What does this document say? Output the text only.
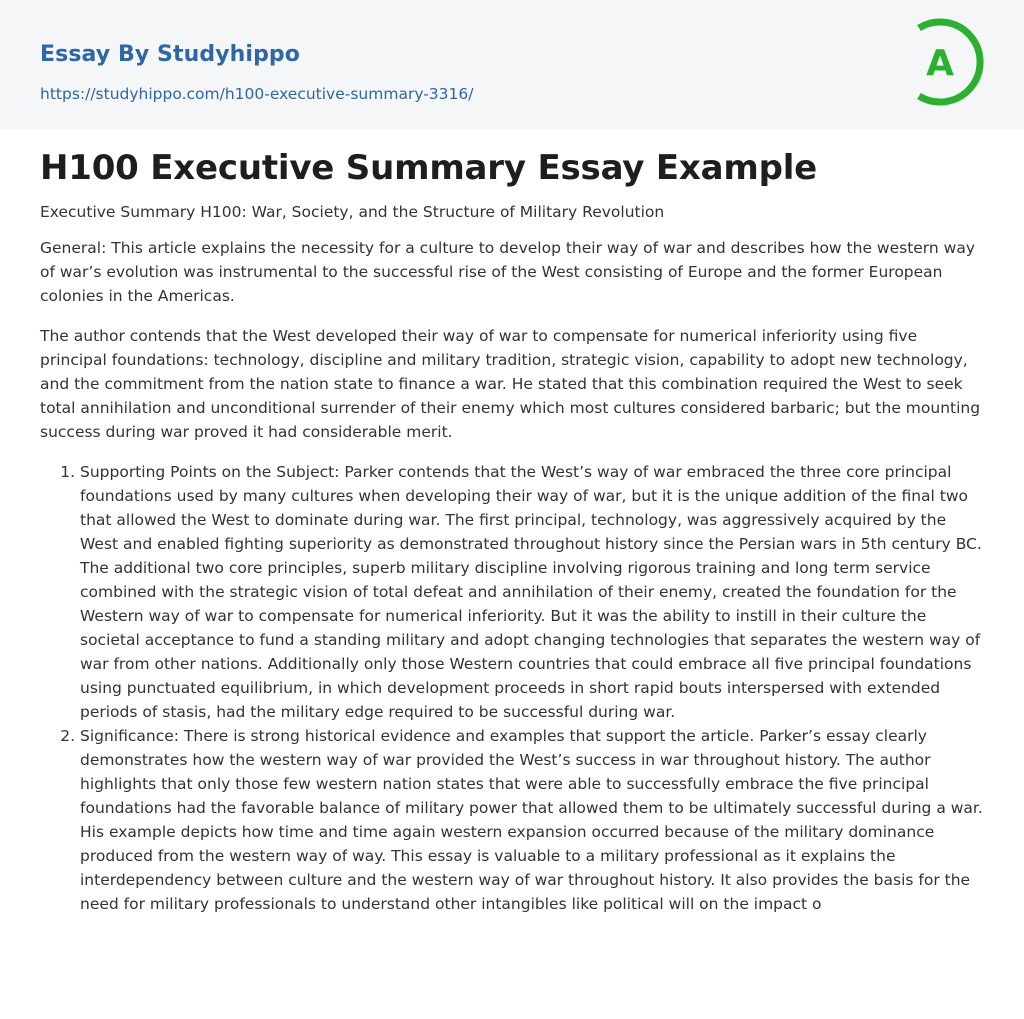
Essay By Studyhippo
https://studyhippo.com/h100-executive-summary-3316/
A
H100 Executive Summary Essay Example
Executive Summary H100: War, Society, and the Structure of Military Revolution

General: This article explains the necessity for a culture to develop their way of war and describes how the western way of war’s evolution was instrumental to the successful rise of the West consisting of Europe and the former European colonies in the Americas.

The author contends that the West developed their way of war to compensate for numerical inferiority using five principal foundations: technology, discipline and military tradition, strategic vision, capability to adopt new technology, and the commitment from the nation state to finance a war. He stated that this combination required the West to seek total annihilation and unconditional surrender of their enemy which most cultures considered barbaric; but the mounting success during war proved it had considerable merit.

1. Supporting Points on the Subject: Parker contends that the West’s way of war embraced the three core principal foundations used by many cultures when developing their way of war, but it is the unique addition of the final two that allowed the West to dominate during war. The first principal, technology, was aggressively acquired by the West and enabled fighting superiority as demonstrated throughout history since the Persian wars in 5th century BC. The additional two core principles, superb military discipline involving rigorous training and long term service combined with the strategic vision of total defeat and annihilation of their enemy, created the foundation for the Western way of war to compensate for numerical inferiority. But it was the ability to instill in their culture the societal acceptance to fund a standing military and adopt changing technologies that separates the western way of war from other nations. Additionally only those Western countries that could embrace all five principal foundations using punctuated equilibrium, in which development proceeds in short rapid bouts interspersed with extended periods of stasis, had the military edge required to be successful during war.
2. Significance: There is strong historical evidence and examples that support the article. Parker’s essay clearly demonstrates how the western way of war provided the West’s success in war throughout history. The author highlights that only those few western nation states that were able to successfully embrace the five principal foundations had the favorable balance of military power that allowed them to be ultimately successful during a war. His example depicts how time and time again western expansion occurred because of the military dominance produced from the western way of way. This essay is valuable to a military professional as it explains the interdependency between culture and the western way of war throughout history. It also provides the basis for the need for military professionals to understand other intangibles like political will on the impact o
